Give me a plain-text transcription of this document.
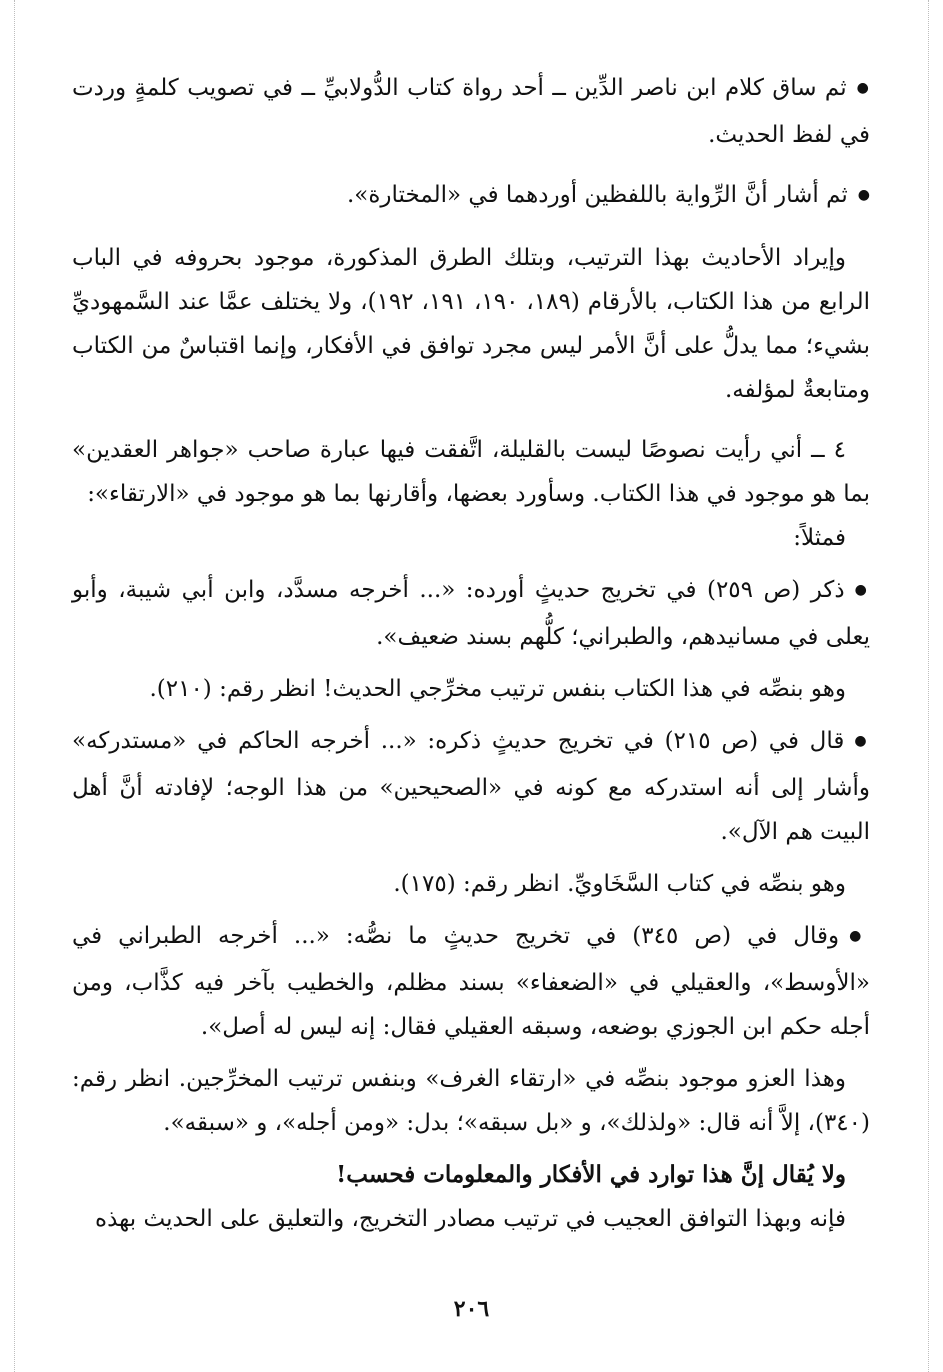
● ثم ساق كلام ابن ناصر الدِّين ــ أحد رواة كتاب الدُّولابيِّ ــ في تصويب كلمةٍ وردت في لفظ الحديث.

● ثم أشار أنَّ الرِّواية باللفظين أوردهما في «المختارة».

وإيراد الأحاديث بهذا الترتيب، وبتلك الطرق المذكورة، موجود بحروفه في الباب الرابع من هذا الكتاب، بالأرقام (١٨٩، ١٩٠، ١٩١، ١٩٢)، ولا يختلف عمَّا عند السَّمهوديِّ بشيء؛ مما يدلُّ على أنَّ الأمر ليس مجرد توافق في الأفكار، وإنما اقتباسٌ من الكتاب ومتابعةٌ لمؤلفه.

٤ ــ أني رأيت نصوصًا ليست بالقليلة، اتَّفقت فيها عبارة صاحب «جواهر العقدين» بما هو موجود في هذا الكتاب. وسأورد بعضها، وأقارنها بما هو موجود في «الارتقاء»:

فمثلاً:

● ذكر (ص ٢٥٩) في تخريج حديثٍ أورده: «... أخرجه مسدَّد، وابن أبي شيبة، وأبو يعلى في مسانيدهم، والطبراني؛ كلُّهم بسند ضعيف».

وهو بنصِّه في هذا الكتاب بنفس ترتيب مخرِّجي الحديث! انظر رقم: (٢١٠).

● قال في (ص ٢١٥) في تخريج حديثٍ ذكره: «... أخرجه الحاكم في «مستدركه» وأشار إلى أنه استدركه مع كونه في «الصحيحين» من هذا الوجه؛ لإفادته أنَّ أهل البيت هم الآل».

وهو بنصِّه في كتاب السَّخَاويِّ. انظر رقم: (١٧٥).

● وقال في (ص ٣٤٥) في تخريج حديثٍ ما نصُّه: «... أخرجه الطبراني في «الأوسط»، والعقيلي في «الضعفاء» بسند مظلم، والخطيب بآخر فيه كذَّاب، ومن أجله حكم ابن الجوزي بوضعه، وسبقه العقيلي فقال: إنه ليس له أصل».

وهذا العزو موجود بنصِّه في «ارتقاء الغرف» وبنفس ترتيب المخرِّجين. انظر رقم: (٣٤٠)، إلاَّ أنه قال: «ولذلك»، و «بل سبقه»؛ بدل: «ومن أجله»، و «سبقه».

ولا يُقال إنَّ هذا توارد في الأفكار والمعلومات فحسب!

فإنه وبهذا التوافق العجيب في ترتيب مصادر التخريج، والتعليق على الحديث بهذه

٢٠٦
